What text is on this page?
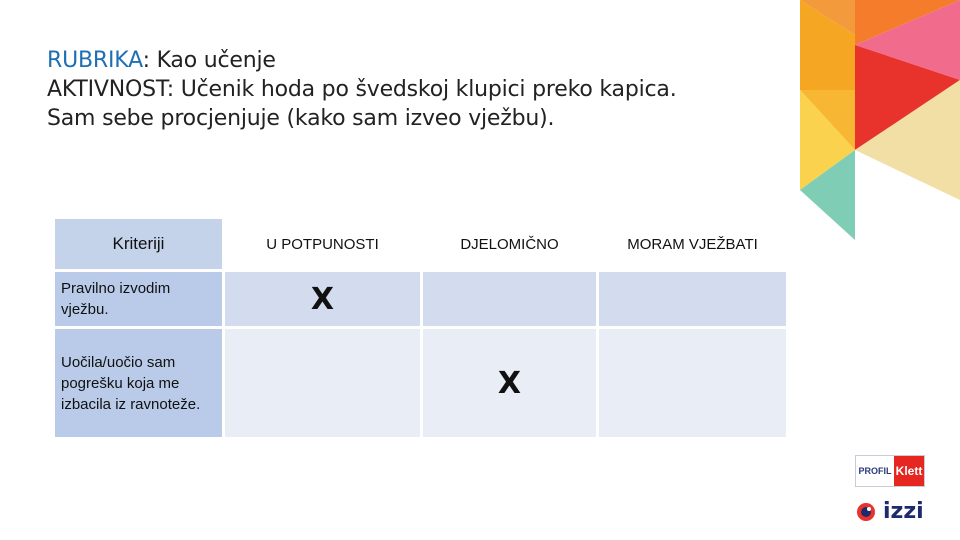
RUBRIKA: Kao učenje
AKTIVNOST: Učenik hoda po švedskoj klupici preko kapica.
Sam sebe procjenjuje (kako sam izveo vježbu).
Kriteriji	U POTPUNOSTI	DJELOMIČNO	MORAM VJEŽBATI
Pravilno izvodim vježbu.	X		
Uočila/uočio sam pogrešku koja me izbacila iz ravnoteže.		X	
PROFIL Klett
izzi
